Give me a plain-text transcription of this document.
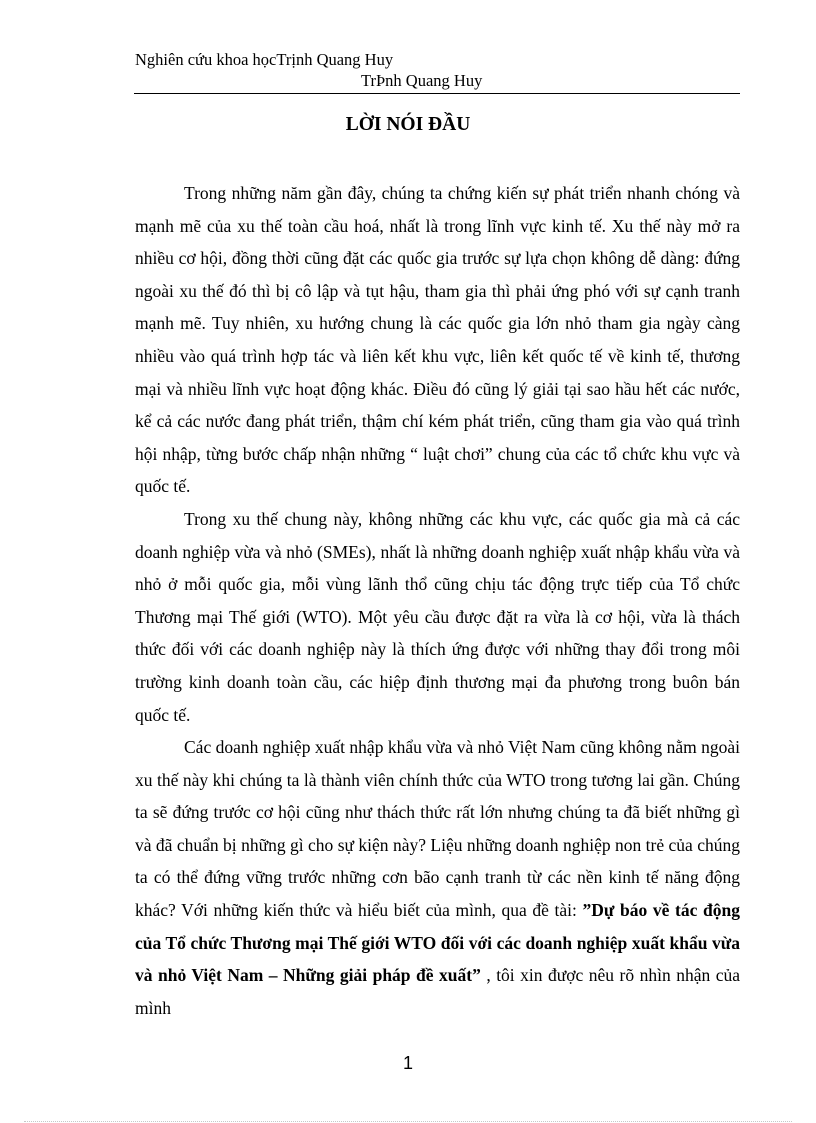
Nghiên cứu khoa họcTrịnh Quang Huy
TrÞnh Quang Huy
LỜI NÓI ĐẦU

Trong những năm gần đây, chúng ta chứng kiến sự phát triển nhanh chóng và mạnh mẽ của xu thế toàn cầu hoá, nhất là trong lĩnh vực kinh tế. Xu thế này mở ra nhiều cơ hội, đồng thời cũng đặt các quốc gia trước sự lựa chọn không dễ dàng: đứng ngoài xu thế đó thì bị cô lập và tụt hậu, tham gia thì phải ứng phó với sự cạnh tranh mạnh mẽ. Tuy nhiên, xu hướng chung là các quốc gia lớn nhỏ tham gia ngày càng nhiều vào quá trình hợp tác và liên kết khu vực, liên kết quốc tế về kinh tế, thương mại và nhiều lĩnh vực hoạt động khác. Điều đó cũng lý giải tại sao hầu hết các nước, kể cả các nước đang phát triển, thậm chí kém phát triển, cũng tham gia vào quá trình hội nhập, từng bước chấp nhận những “ luật chơi” chung của các tổ chức khu vực và quốc tế.

Trong xu thế chung này, không những các khu vực, các quốc gia mà cả các doanh nghiệp vừa và nhỏ (SMEs), nhất là những doanh nghiệp xuất nhập khẩu vừa và nhỏ ở mỗi quốc gia, mỗi vùng lãnh thổ cũng chịu tác động trực tiếp của Tổ chức Thương mại Thế giới (WTO). Một yêu cầu được đặt ra vừa là cơ hội, vừa là thách thức đối với các doanh nghiệp này là thích ứng được với những thay đổi trong môi trường kinh doanh toàn cầu, các hiệp định thương mại đa phương trong buôn bán quốc tế.

Các doanh nghiệp xuất nhập khẩu vừa và nhỏ Việt Nam cũng không nằm ngoài xu thế này khi chúng ta là thành viên chính thức của WTO trong tương lai gần. Chúng ta sẽ đứng trước cơ hội cũng như thách thức rất lớn nhưng chúng ta đã biết những gì và đã chuẩn bị những gì cho sự kiện này? Liệu những doanh nghiệp non trẻ của chúng ta có thể đứng vững trước những cơn bão cạnh tranh từ các nền kinh tế năng động khác? Với những kiến thức và hiểu biết của mình, qua đề tài: ”Dự báo về tác động của Tổ chức Thương mại Thế giới WTO đối với các doanh nghiệp xuất khẩu vừa và nhỏ Việt Nam – Những giải pháp đề xuất” , tôi xin được nêu rõ nhìn nhận của mình

1
